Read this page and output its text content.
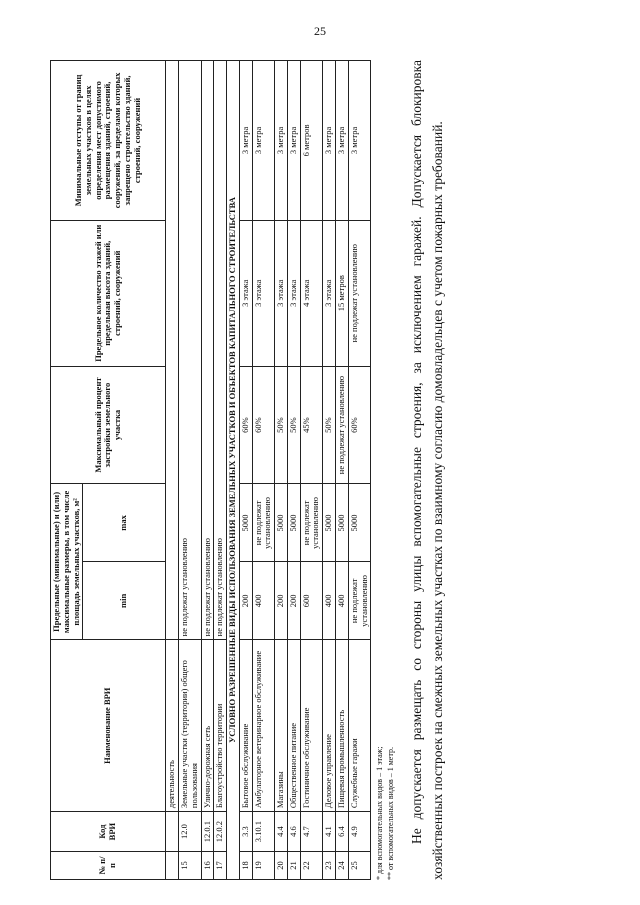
25
№ п/п	Код ВРИ	Наименование ВРИ	Предельные (минимальные) и (или) максимальные размеры, в том числе площадь земельных участков, м²		Максимальный процент застройки земельного участка	Предельное количество этажей или предельная высота зданий, строений, сооружений	Минимальные отступы от границ земельных участков в целях определения мест допустимого размещения зданий, строений, сооружений, за пределами которых запрещено строительство зданий, строений, сооружений
			min	max			
		деятельность					
15	12.0	Земельные участки (территории) общего пользования	не подлежат установлению				
16	12.0.1	Улично-дорожная сеть	не подлежат установлению				
17	12.0.2	Благоустройство территории	не подлежат установлению				
УСЛОВНО РАЗРЕШЕННЫЕ ВИДЫ ИСПОЛЬЗОВАНИЯ ЗЕМЕЛЬНЫХ УЧАСТКОВ И ОБЪЕКТОВ КАПИТАЛЬНОГО СТРОИТЕЛЬСТВА							
18	3.3	Бытовое обслуживание	200	5000	60%	3 этажа	3 метра
19	3.10.1	Амбулаторное ветеринарное обслуживание	400	не подлежат установлению	60%	3 этажа	3 метра
20	4.4	Магазины	200	5000	50%	3 этажа	3 метра
21	4.6	Общественное питание	200	5000	50%	3 этажа	3 метра
22	4.7	Гостиничное обслуживание	600	не подлежат установлению	45%	4 этажа	6 метров
23	4.1	Деловое управление	400	5000	50%	3 этажа	3 метра
24	6.4	Пищевая промышленность	400	5000	не подлежат установлению	15 метров	3 метра
25	4.9	Служебные гаражи	не подлежат установлению	5000	60%	не подлежат установлению	3 метра
* для вспомогательных видов – 1 этаж; ** от вспомогательных видов – 1 метр. Не допускается размещать со стороны улицы вспомогательные строения, за исключением гаражей. Допускается блокировка хозяйственных построек на смежных земельных участках по взаимному согласию домовладельцев с учетом пожарных требований.
